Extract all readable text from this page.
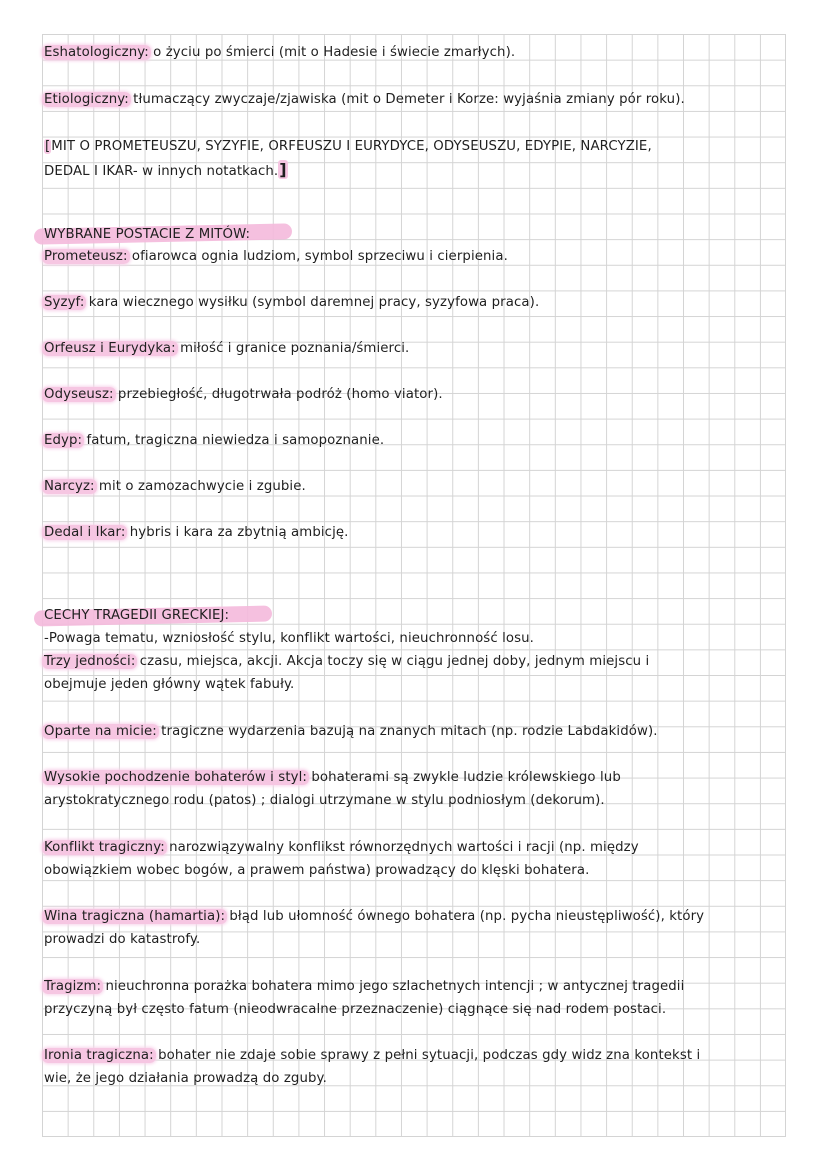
Eshatologiczny: o życiu po śmierci (mit o Hadesie i świecie zmarłych).
Etiologiczny: tłumaczący zwyczaje/zjawiska (mit o Demeter i Korze: wyjaśnia zmiany pór roku).
[MIT O PROMETEUSZU, SYZYFIE, ORFEUSZU I EURYDYCE, ODYSEUSZU, EDYPIE, NARCYZIE,
DEDAL I IKAR- w innych notatkach.]
WYBRANE POSTACIE Z MITÓW:
Prometeusz: ofiarowca ognia ludziom, symbol sprzeciwu i cierpienia.
Syzyf: kara wiecznego wysiłku (symbol daremnej pracy, syzyfowa praca).
Orfeusz i Eurydyka: miłość i granice poznania/śmierci.
Odyseusz: przebiegłość, długotrwała podróż (homo viator).
Edyp: fatum, tragiczna niewiedza i samopoznanie.
Narcyz: mit o zamozachwycie i zgubie.
Dedal i Ikar: hybris i kara za zbytnią ambicję.
CECHY TRAGEDII GRECKIEJ:
-Powaga tematu, wzniosłość stylu, konflikt wartości, nieuchronność losu.
Trzy jedności: czasu, miejsca, akcji. Akcja toczy się w ciągu jednej doby, jednym miejscu i
obejmuje jeden główny wątek fabuły.
Oparte na micie: tragiczne wydarzenia bazują na znanych mitach (np. rodzie Labdakidów).
Wysokie pochodzenie bohaterów i styl: bohaterami są zwykle ludzie królewskiego lub
arystokratycznego rodu (patos) ; dialogi utrzymane w stylu podniosłym (dekorum).
Konflikt tragiczny: narozwiązywalny konflikst równorzędnych wartości i racji (np. między
obowiązkiem wobec bogów, a prawem państwa) prowadzący do klęski bohatera.
Wina tragiczna (hamartia): błąd lub ułomność ównego bohatera (np. pycha nieustępliwość), który
prowadzi do katastrofy.
Tragizm: nieuchronna porażka bohatera mimo jego szlachetnych intencji ; w antycznej tragedii
przyczyną był często fatum (nieodwracalne przeznaczenie) ciągnące się nad rodem postaci.
Ironia tragiczna: bohater nie zdaje sobie sprawy z pełni sytuacji, podczas gdy widz zna kontekst i
wie, że jego działania prowadzą do zguby.
